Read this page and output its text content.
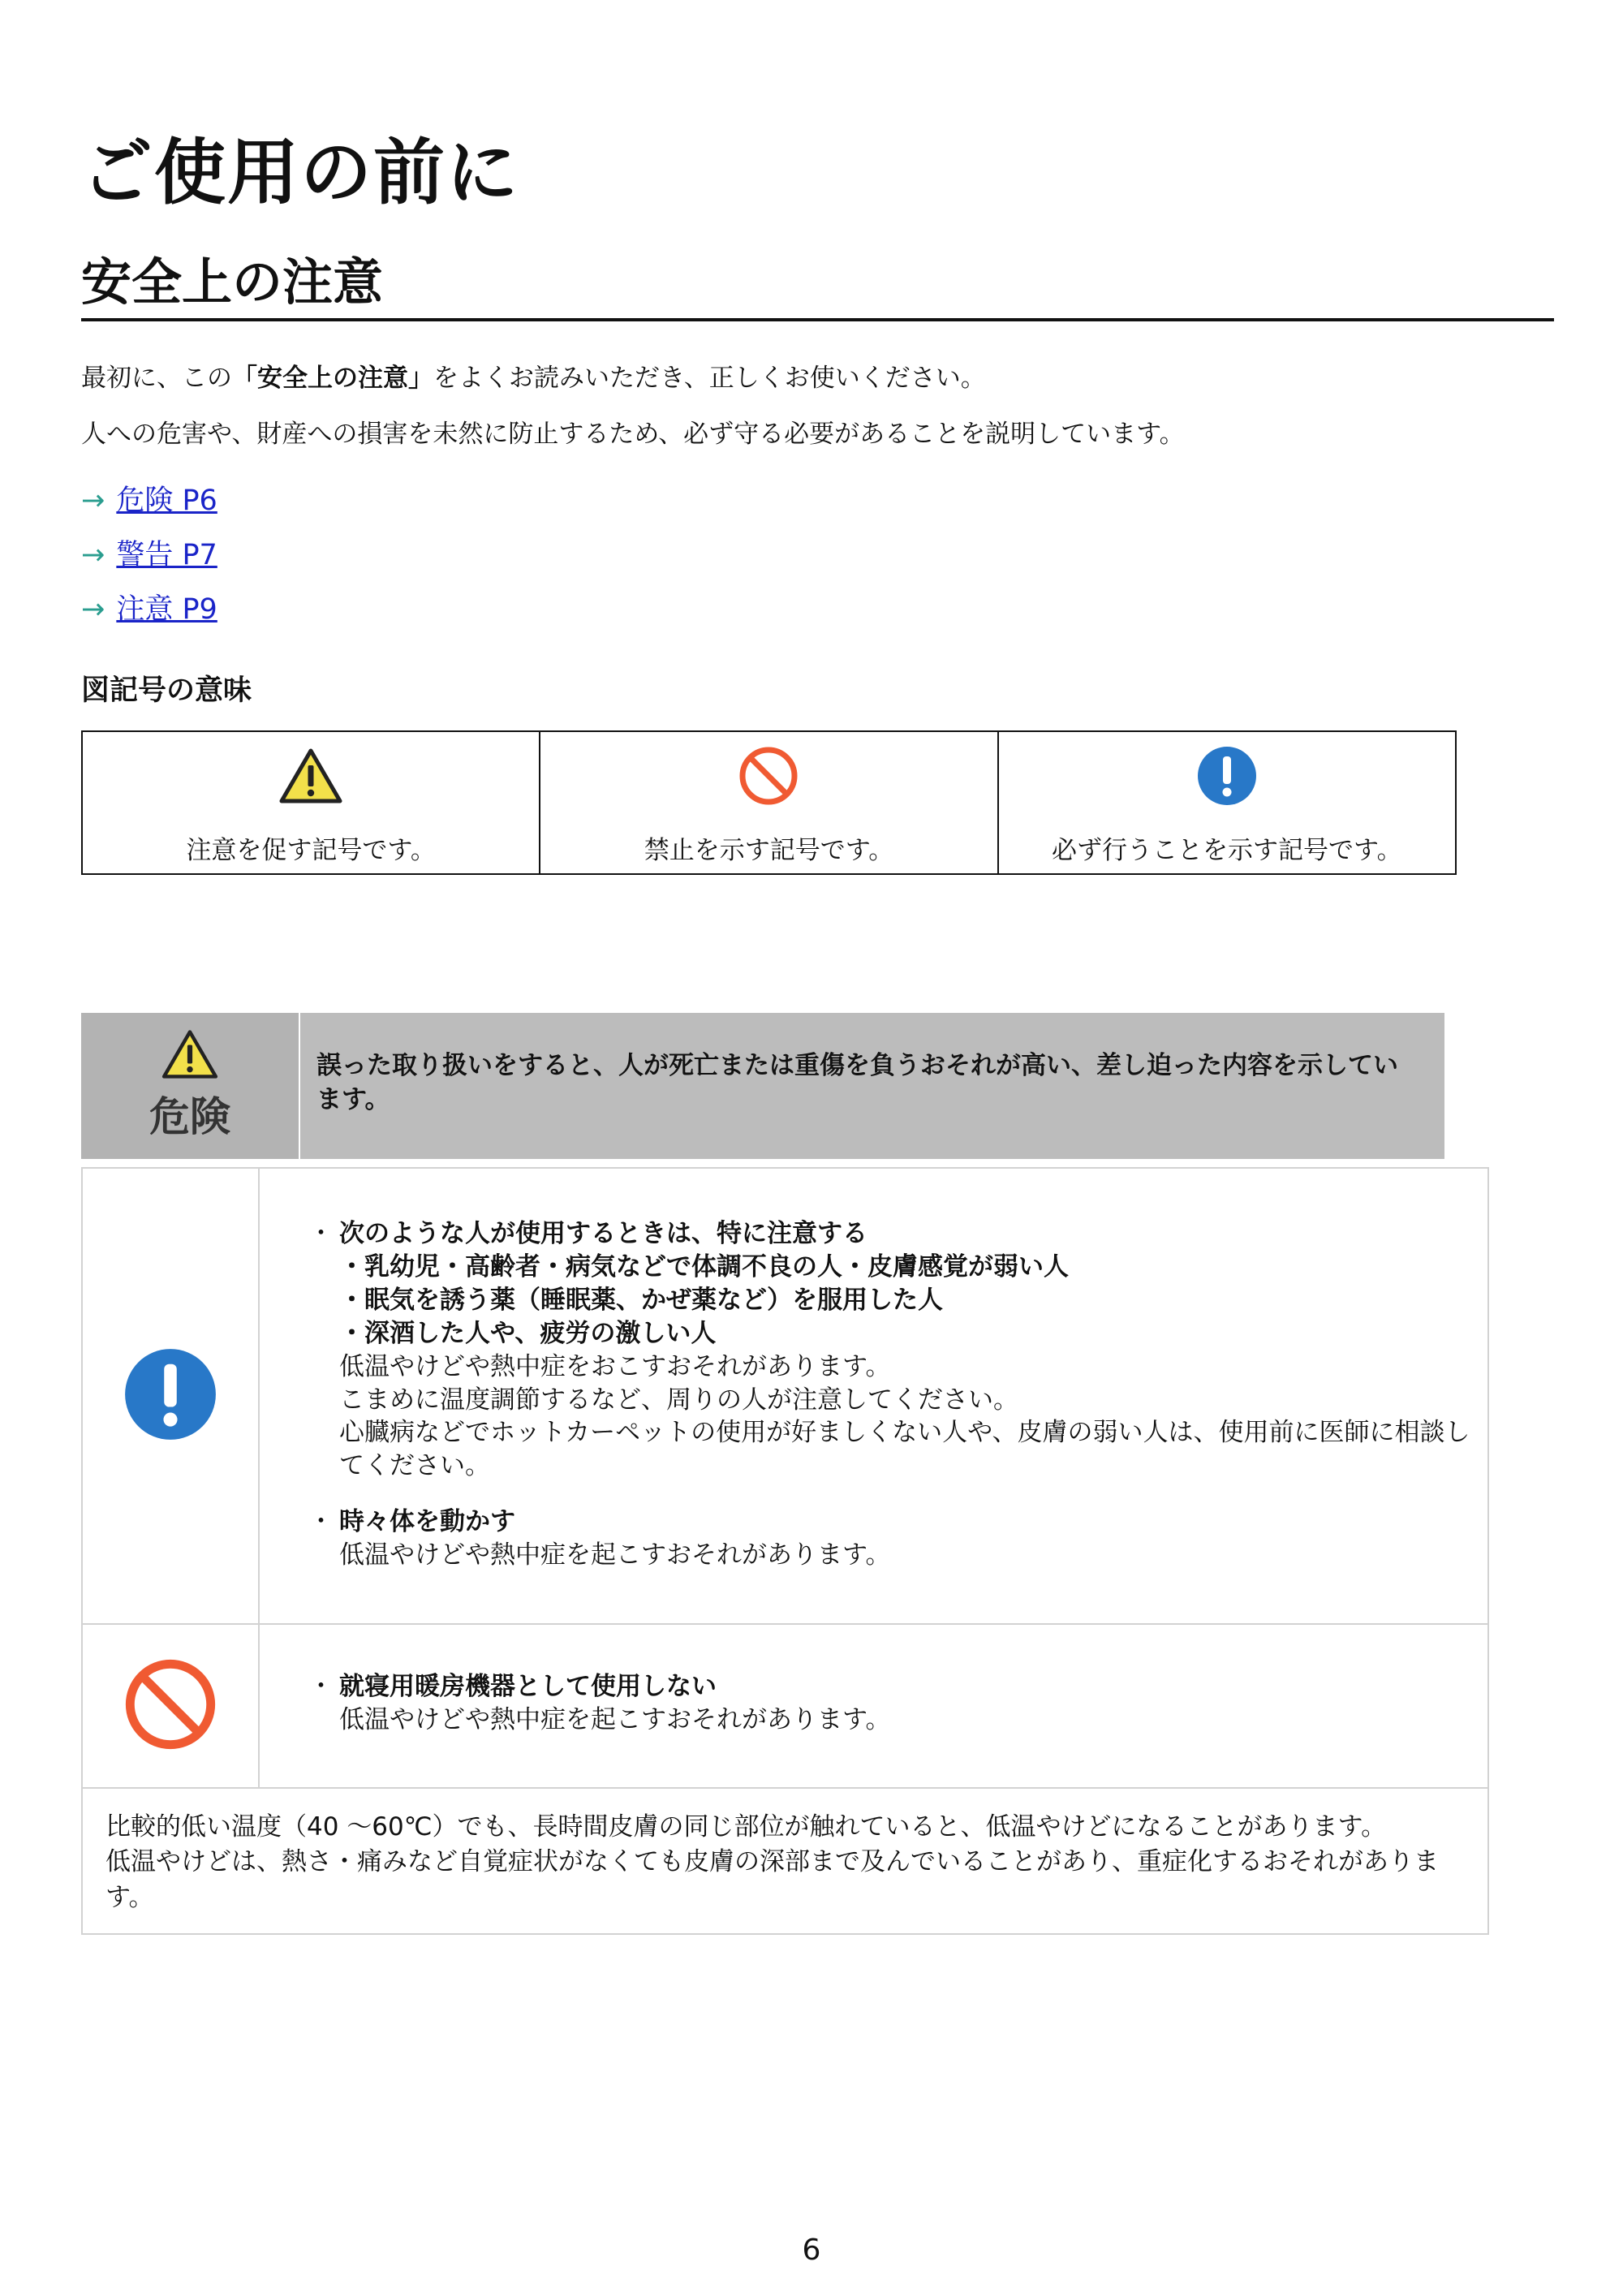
ご使用の前に
安全上の注意

最初に、この「安全上の注意」をよくお読みいただき、正しくお使いください。

人への危害や、財産への損害を未然に防止するため、必ず守る必要があることを説明しています。

→ 危険 P6
→ 警告 P7
→ 注意 P9
図記号の意味
注意を促す記号です。	禁止を示す記号です。	必ず行うことを示す記号です。
危険
誤った取り扱いをすると、人が死亡または重傷を負うおそれが高い、差し迫った内容を示しています。
・ 次のような人が使用するときは、特に注意する
・乳幼児・高齢者・病気などで体調不良の人・皮膚感覚が弱い人
・眠気を誘う薬（睡眠薬、かぜ薬など）を服用した人
・深酒した人や、疲労の激しい人
低温やけどや熱中症をおこすおそれがあります。
こまめに温度調節するなど、周りの人が注意してください。
心臓病などでホットカーペットの使用が好ましくない人や、皮膚の弱い人は、使用前に医師に相談してください。
・ 時々体を動かす
低温やけどや熱中症を起こすおそれがあります。
・ 就寝用暖房機器として使用しない
低温やけどや熱中症を起こすおそれがあります。
比較的低い温度（40 ～60℃）でも、長時間皮膚の同じ部位が触れていると、低温やけどになることがあります。
低温やけどは、熱さ・痛みなど自覚症状がなくても皮膚の深部まで及んでいることがあり、重症化するおそれがあります。
6
